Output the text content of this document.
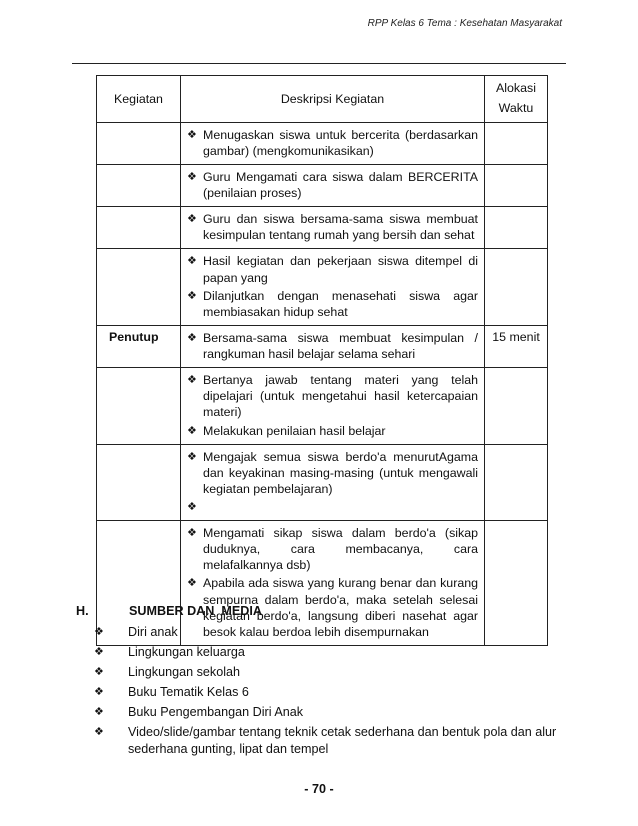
RPP Kelas 6 Tema : Kesehatan Masyarakat
Kegiatan	Deskripsi Kegiatan	Alokasi
Waktu

	❖ Menugaskan siswa untuk bercerita (berdasarkan gambar) (mengkomunikasikan)	

	❖ Guru Mengamati cara siswa dalam BERCERITA (penilaian proses)	

	❖ Guru dan siswa bersama-sama siswa membuat kesimpulan tentang rumah yang bersih dan sehat	

	❖ Hasil kegiatan dan pekerjaan siswa ditempel di papan yang
❖ Dilanjutkan dengan menasehati siswa agar membiasakan hidup sehat	

Penutup	❖ Bersama-sama siswa membuat kesimpulan / rangkuman hasil belajar selama sehari	15 menit

	❖ Bertanya jawab tentang materi yang telah dipelajari (untuk mengetahui hasil ketercapaian materi)
❖ Melakukan penilaian hasil belajar	

	❖ Mengajak semua siswa berdo'a menurutAgama dan keyakinan masing-masing (untuk mengawali kegiatan pembelajaran)
❖	

	❖ Mengamati sikap siswa dalam berdo'a (sikap duduknya, cara membacanya, cara melafalkannya dsb)
❖ Apabila ada siswa yang kurang benar dan kurang sempurna dalam berdo'a, maka setelah selesai kegiatan berdo'a, langsung diberi nasehat agar besok kalau berdoa lebih disempurnakan	

H.	SUMBER DAN  MEDIA
❖	Diri anak
❖	Lingkungan keluarga
❖	Lingkungan sekolah
❖	Buku Tematik Kelas 6
❖	Buku Pengembangan Diri Anak
❖	Video/slide/gambar tentang teknik cetak sederhana dan bentuk pola dan alur sederhana gunting, lipat dan tempel
- 70 -
